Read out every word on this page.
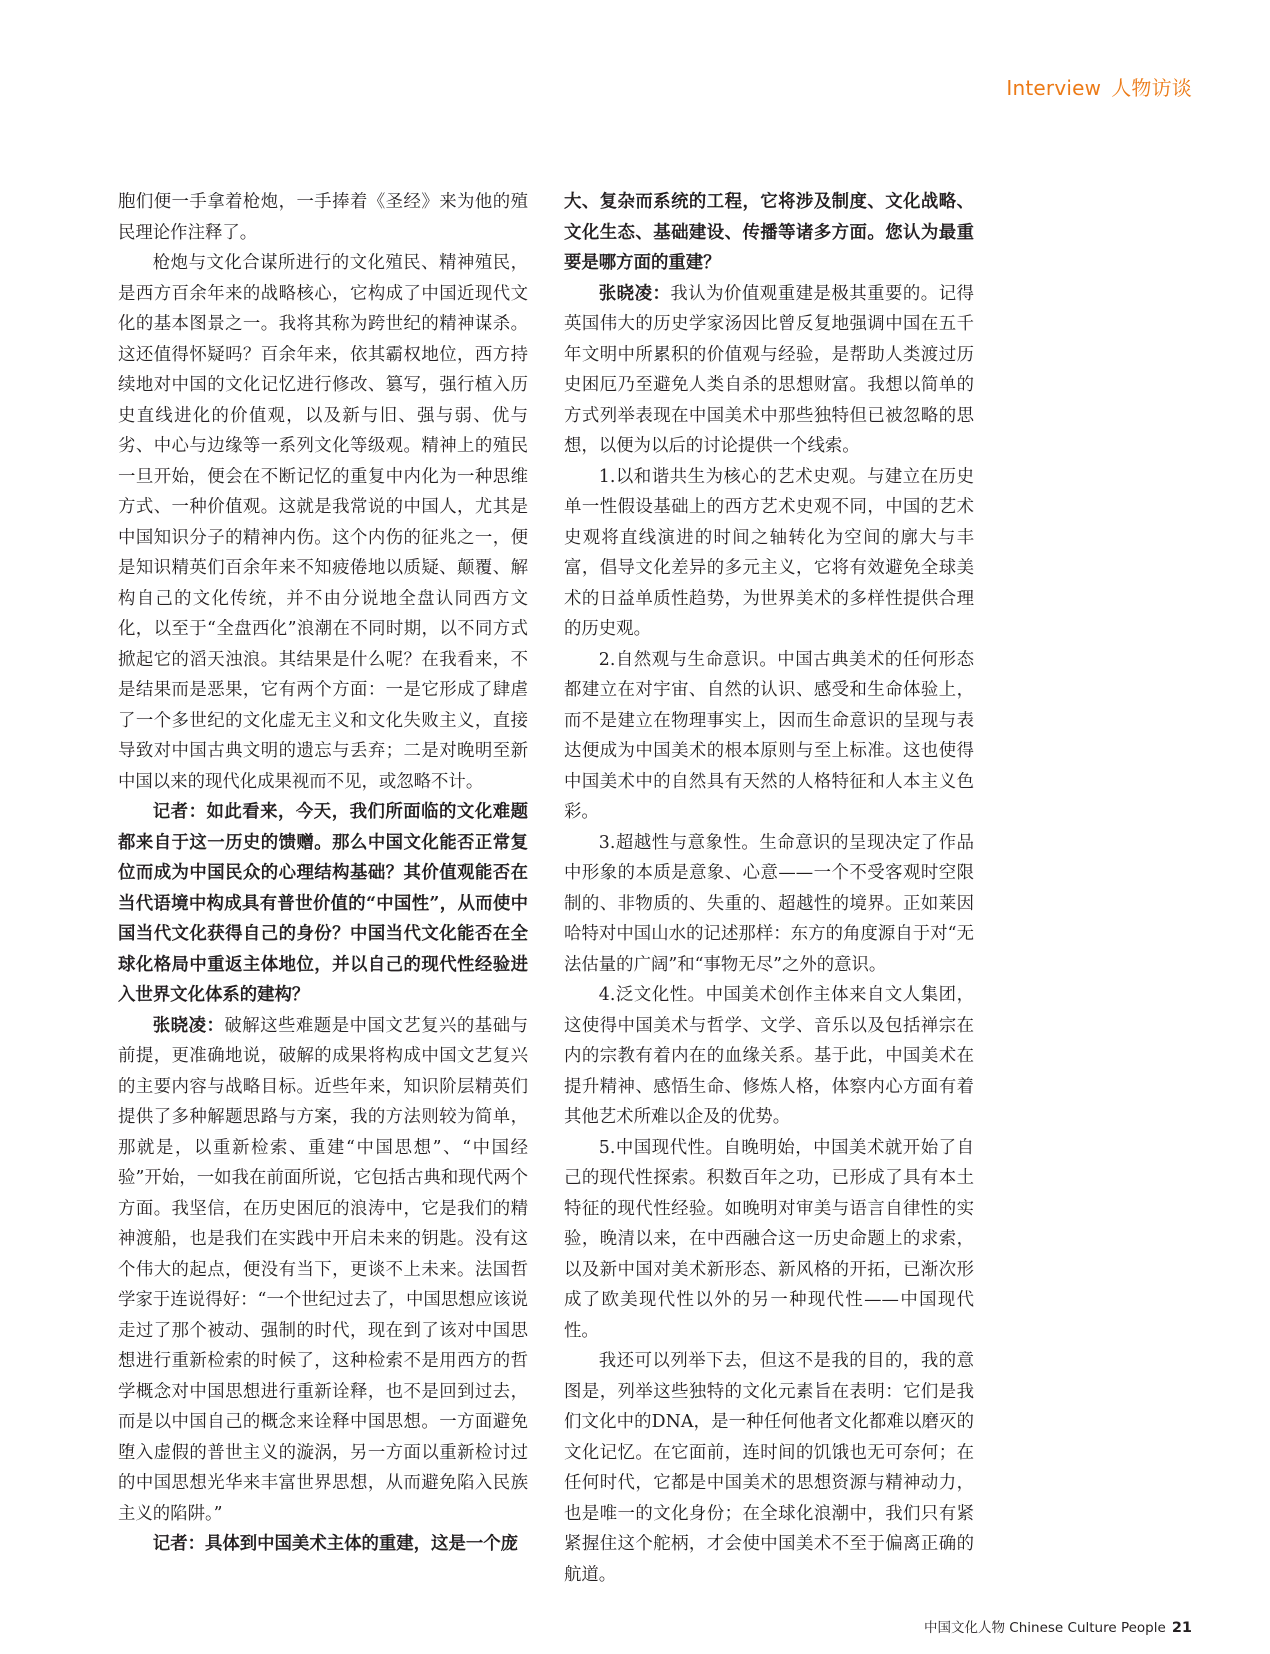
Interview 人物访谈

胞们便一手拿着枪炮，一手捧着《圣经》来为他的殖民理论作注释了。

枪炮与文化合谋所进行的文化殖民、精神殖民，是西方百余年来的战略核心，它构成了中国近现代文化的基本图景之一。我将其称为跨世纪的精神谋杀。这还值得怀疑吗？百余年来，依其霸权地位，西方持续地对中国的文化记忆进行修改、篡写，强行植入历史直线进化的价值观，以及新与旧、强与弱、优与劣、中心与边缘等一系列文化等级观。精神上的殖民一旦开始，便会在不断记忆的重复中内化为一种思维方式、一种价值观。这就是我常说的中国人，尤其是中国知识分子的精神内伤。这个内伤的征兆之一，便是知识精英们百余年来不知疲倦地以质疑、颠覆、解构自己的文化传统，并不由分说地全盘认同西方文化，以至于“全盘西化”浪潮在不同时期，以不同方式掀起它的滔天浊浪。其结果是什么呢？在我看来，不是结果而是恶果，它有两个方面：一是它形成了肆虐了一个多世纪的文化虚无主义和文化失败主义，直接导致对中国古典文明的遗忘与丢弃；二是对晚明至新中国以来的现代化成果视而不见，或忽略不计。

记者：如此看来，今天，我们所面临的文化难题都来自于这一历史的馈赠。那么中国文化能否正常复位而成为中国民众的心理结构基础？其价值观能否在当代语境中构成具有普世价值的“中国性”，从而使中国当代文化获得自己的身份？中国当代文化能否在全球化格局中重返主体地位，并以自己的现代性经验进入世界文化体系的建构？

张晓凌：破解这些难题是中国文艺复兴的基础与前提，更准确地说，破解的成果将构成中国文艺复兴的主要内容与战略目标。近些年来，知识阶层精英们提供了多种解题思路与方案，我的方法则较为简单，那就是，以重新检索、重建“中国思想”、“中国经验”开始，一如我在前面所说，它包括古典和现代两个方面。我坚信，在历史困厄的浪涛中，它是我们的精神渡船，也是我们在实践中开启未来的钥匙。没有这个伟大的起点，便没有当下，更谈不上未来。法国哲学家于连说得好：“一个世纪过去了，中国思想应该说走过了那个被动、强制的时代，现在到了该对中国思想进行重新检索的时候了，这种检索不是用西方的哲学概念对中国思想进行重新诠释，也不是回到过去，而是以中国自己的概念来诠释中国思想。一方面避免堕入虚假的普世主义的漩涡，另一方面以重新检讨过的中国思想光华来丰富世界思想，从而避免陷入民族主义的陷阱。”

记者：具体到中国美术主体的重建，这是一个庞

大、复杂而系统的工程，它将涉及制度、文化战略、文化生态、基础建设、传播等诸多方面。您认为最重要是哪方面的重建？

张晓凌：我认为价值观重建是极其重要的。记得英国伟大的历史学家汤因比曾反复地强调中国在五千年文明中所累积的价值观与经验，是帮助人类渡过历史困厄乃至避免人类自杀的思想财富。我想以简单的方式列举表现在中国美术中那些独特但已被忽略的思想，以便为以后的讨论提供一个线索。

1.以和谐共生为核心的艺术史观。与建立在历史单一性假设基础上的西方艺术史观不同，中国的艺术史观将直线演进的时间之轴转化为空间的廓大与丰富，倡导文化差异的多元主义，它将有效避免全球美术的日益单质性趋势，为世界美术的多样性提供合理的历史观。

2.自然观与生命意识。中国古典美术的任何形态都建立在对宇宙、自然的认识、感受和生命体验上，而不是建立在物理事实上，因而生命意识的呈现与表达便成为中国美术的根本原则与至上标准。这也使得中国美术中的自然具有天然的人格特征和人本主义色彩。

3.超越性与意象性。生命意识的呈现决定了作品中形象的本质是意象、心意——一个不受客观时空限制的、非物质的、失重的、超越性的境界。正如莱因哈特对中国山水的记述那样：东方的角度源自于对“无法估量的广阔”和“事物无尽”之外的意识。

4.泛文化性。中国美术创作主体来自文人集团，这使得中国美术与哲学、文学、音乐以及包括禅宗在内的宗教有着内在的血缘关系。基于此，中国美术在提升精神、感悟生命、修炼人格，体察内心方面有着其他艺术所难以企及的优势。

5.中国现代性。自晚明始，中国美术就开始了自己的现代性探索。积数百年之功，已形成了具有本土特征的现代性经验。如晚明对审美与语言自律性的实验，晚清以来，在中西融合这一历史命题上的求索，以及新中国对美术新形态、新风格的开拓，已渐次形成了欧美现代性以外的另一种现代性——中国现代性。

我还可以列举下去，但这不是我的目的，我的意图是，列举这些独特的文化元素旨在表明：它们是我们文化中的DNA，是一种任何他者文化都难以磨灭的文化记忆。在它面前，连时间的饥饿也无可奈何；在任何时代，它都是中国美术的思想资源与精神动力，也是唯一的文化身份；在全球化浪潮中，我们只有紧紧握住这个舵柄，才会使中国美术不至于偏离正确的航道。

中国文化人物 Chinese Culture People 21
